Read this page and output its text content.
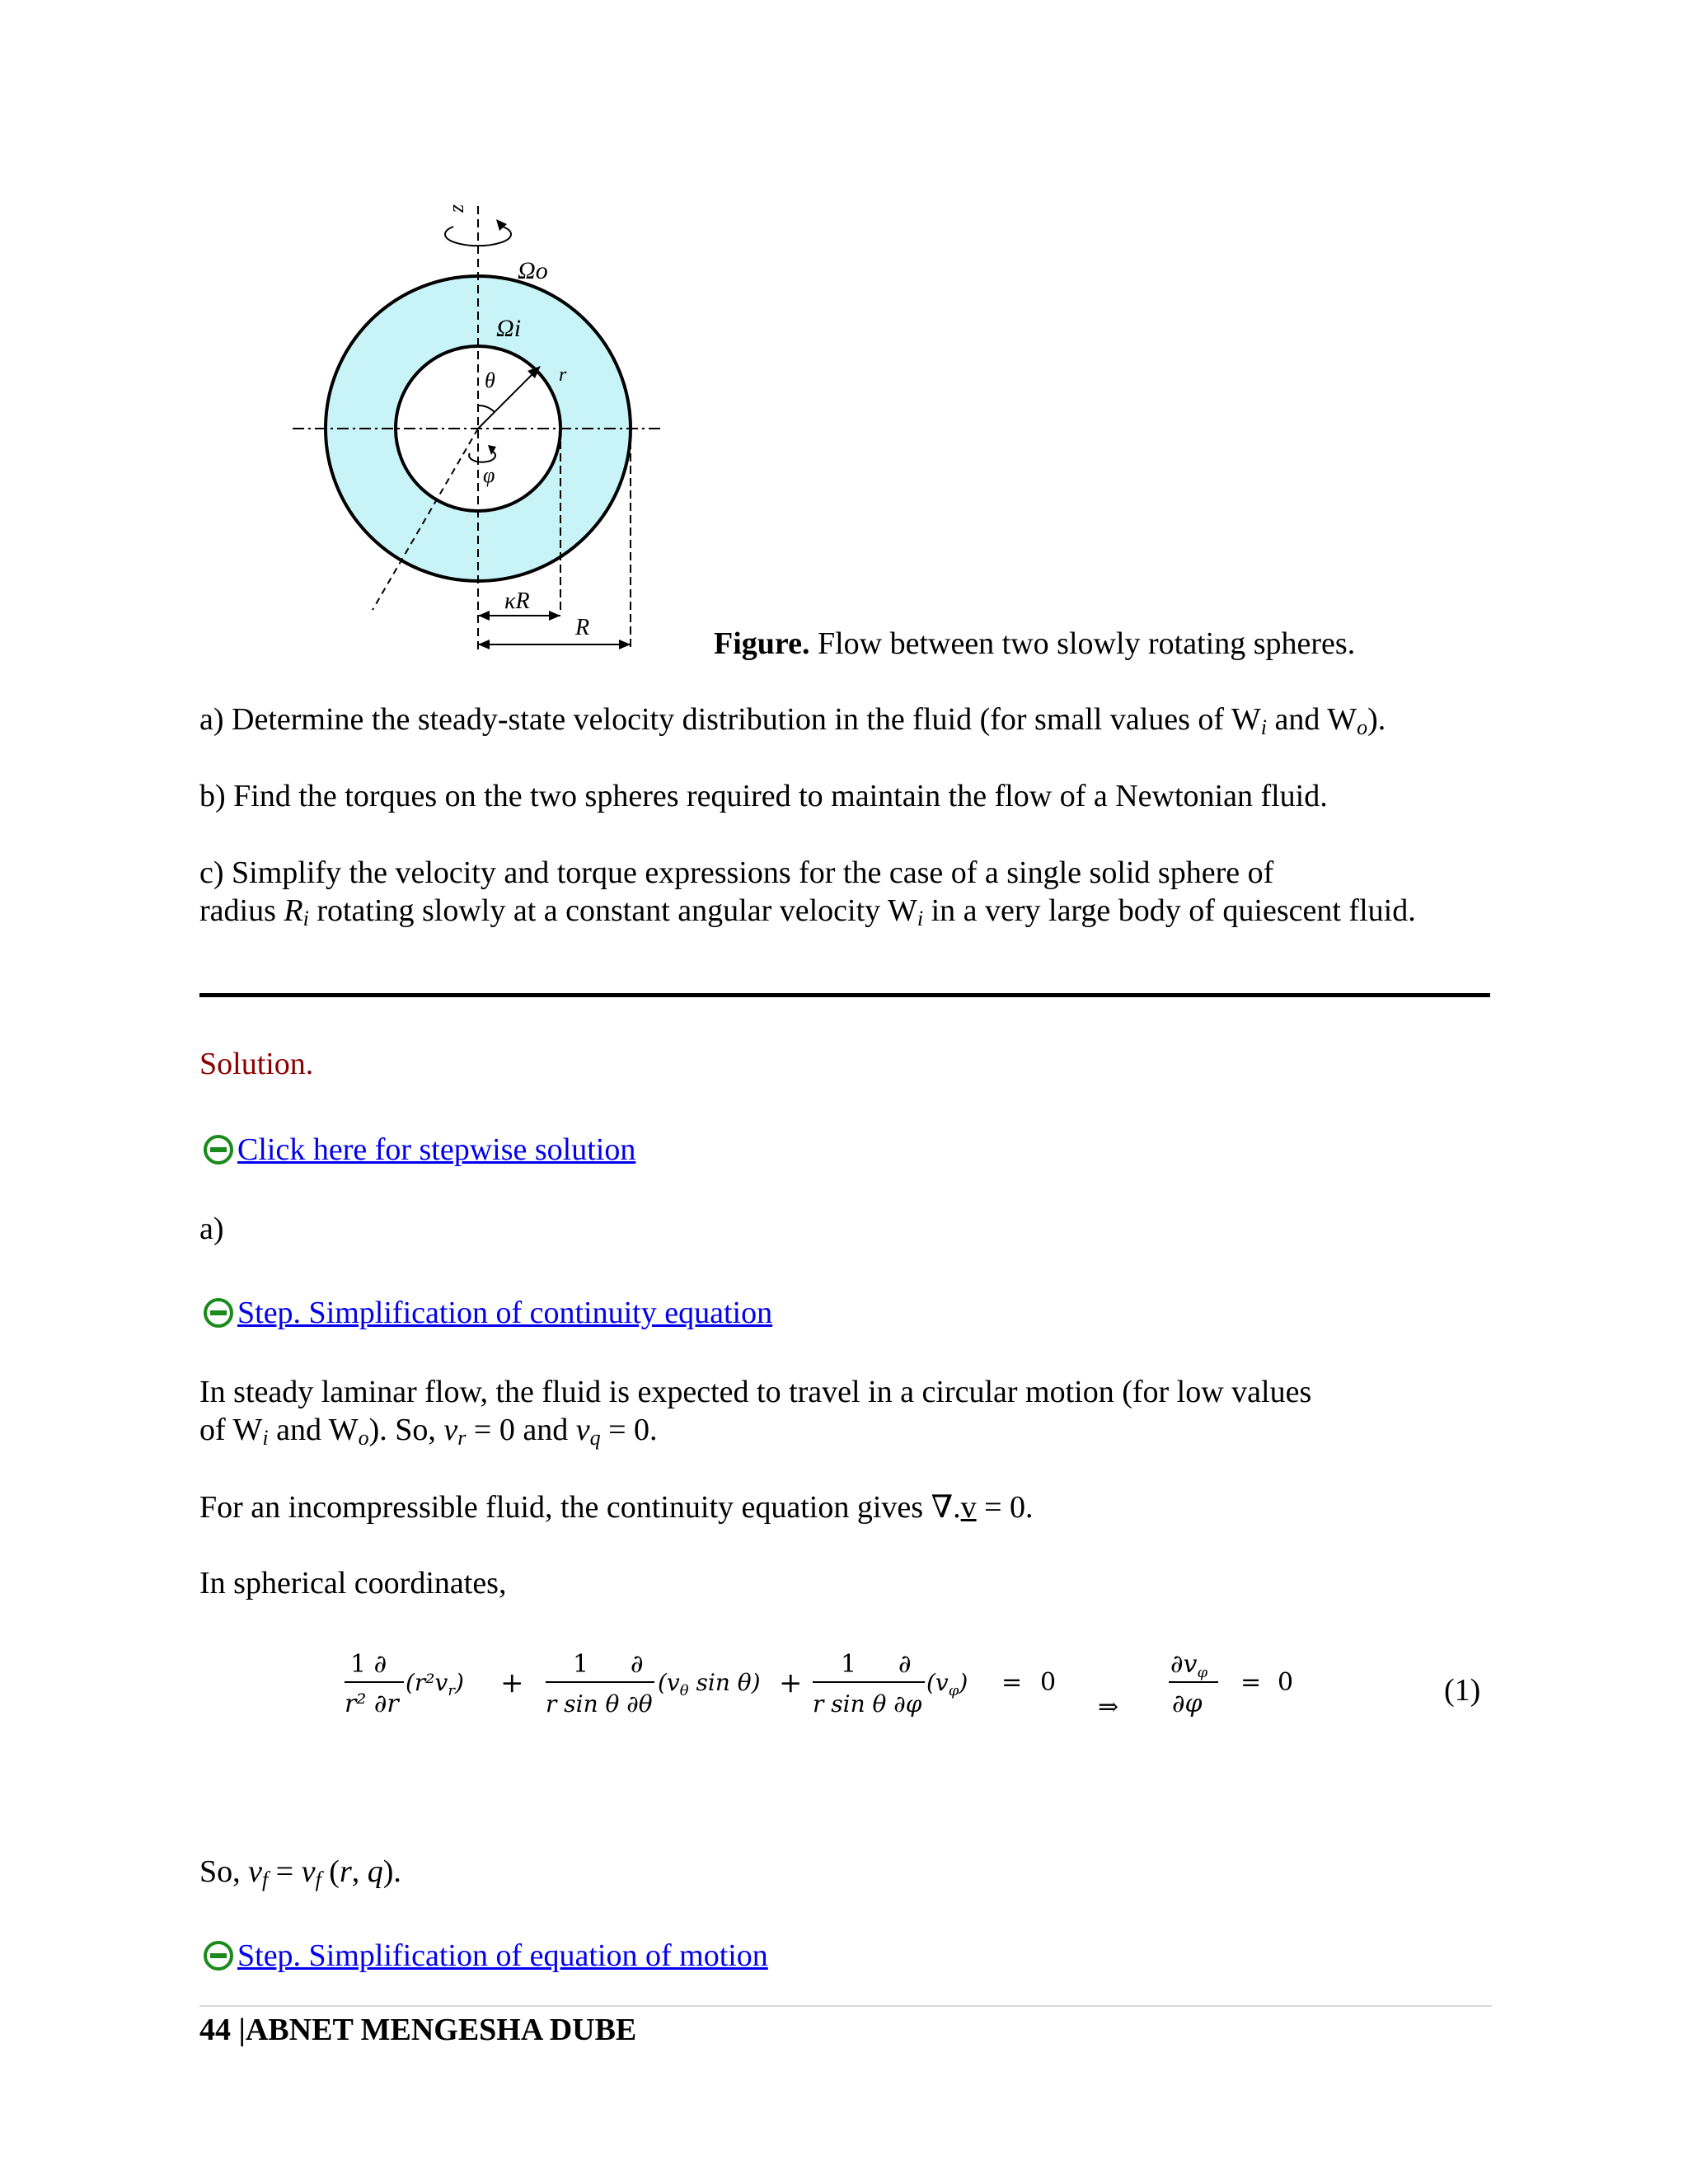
z
Ωo
Ωi
θ	r
φ
κR
R	Figure. Flow between two slowly rotating spheres.
a) Determine the steady-state velocity distribution in the fluid (for small values of $W_i$ and $W_o$).
b) Find the torques on the two spheres required to maintain the flow of a Newtonian fluid.
c) Simplify the velocity and torque expressions for the case of a single solid sphere of
radius $R_i$ rotating slowly at a constant angular velocity $W_i$ in a very large body of quiescent fluid.
Solution.
Click here for stepwise solution
a)
Step. Simplification of continuity equation
In steady laminar flow, the fluid is expected to travel in a circular motion (for low values
of $W_i$ and $W_o$). So, $v_r = 0$ and $v_q = 0$.
For an incompressible fluid, the continuity equation gives ∇.v = 0.
In spherical coordinates,
1 ∂
r² ∂r
$(r^2v_r)$ +
1 ∂
r sin θ ∂θ
($v_\theta$ sin θ) +
1 ∂
r sin θ ∂φ
$(v_\varphi) = 0$
⇒
$\partial v_\varphi$
∂φ
= 0	(1)
So, $v_f = v_f$ (r, q).
Step. Simplification of equation of motion
44 |ABNET MENGESHA DUBE
